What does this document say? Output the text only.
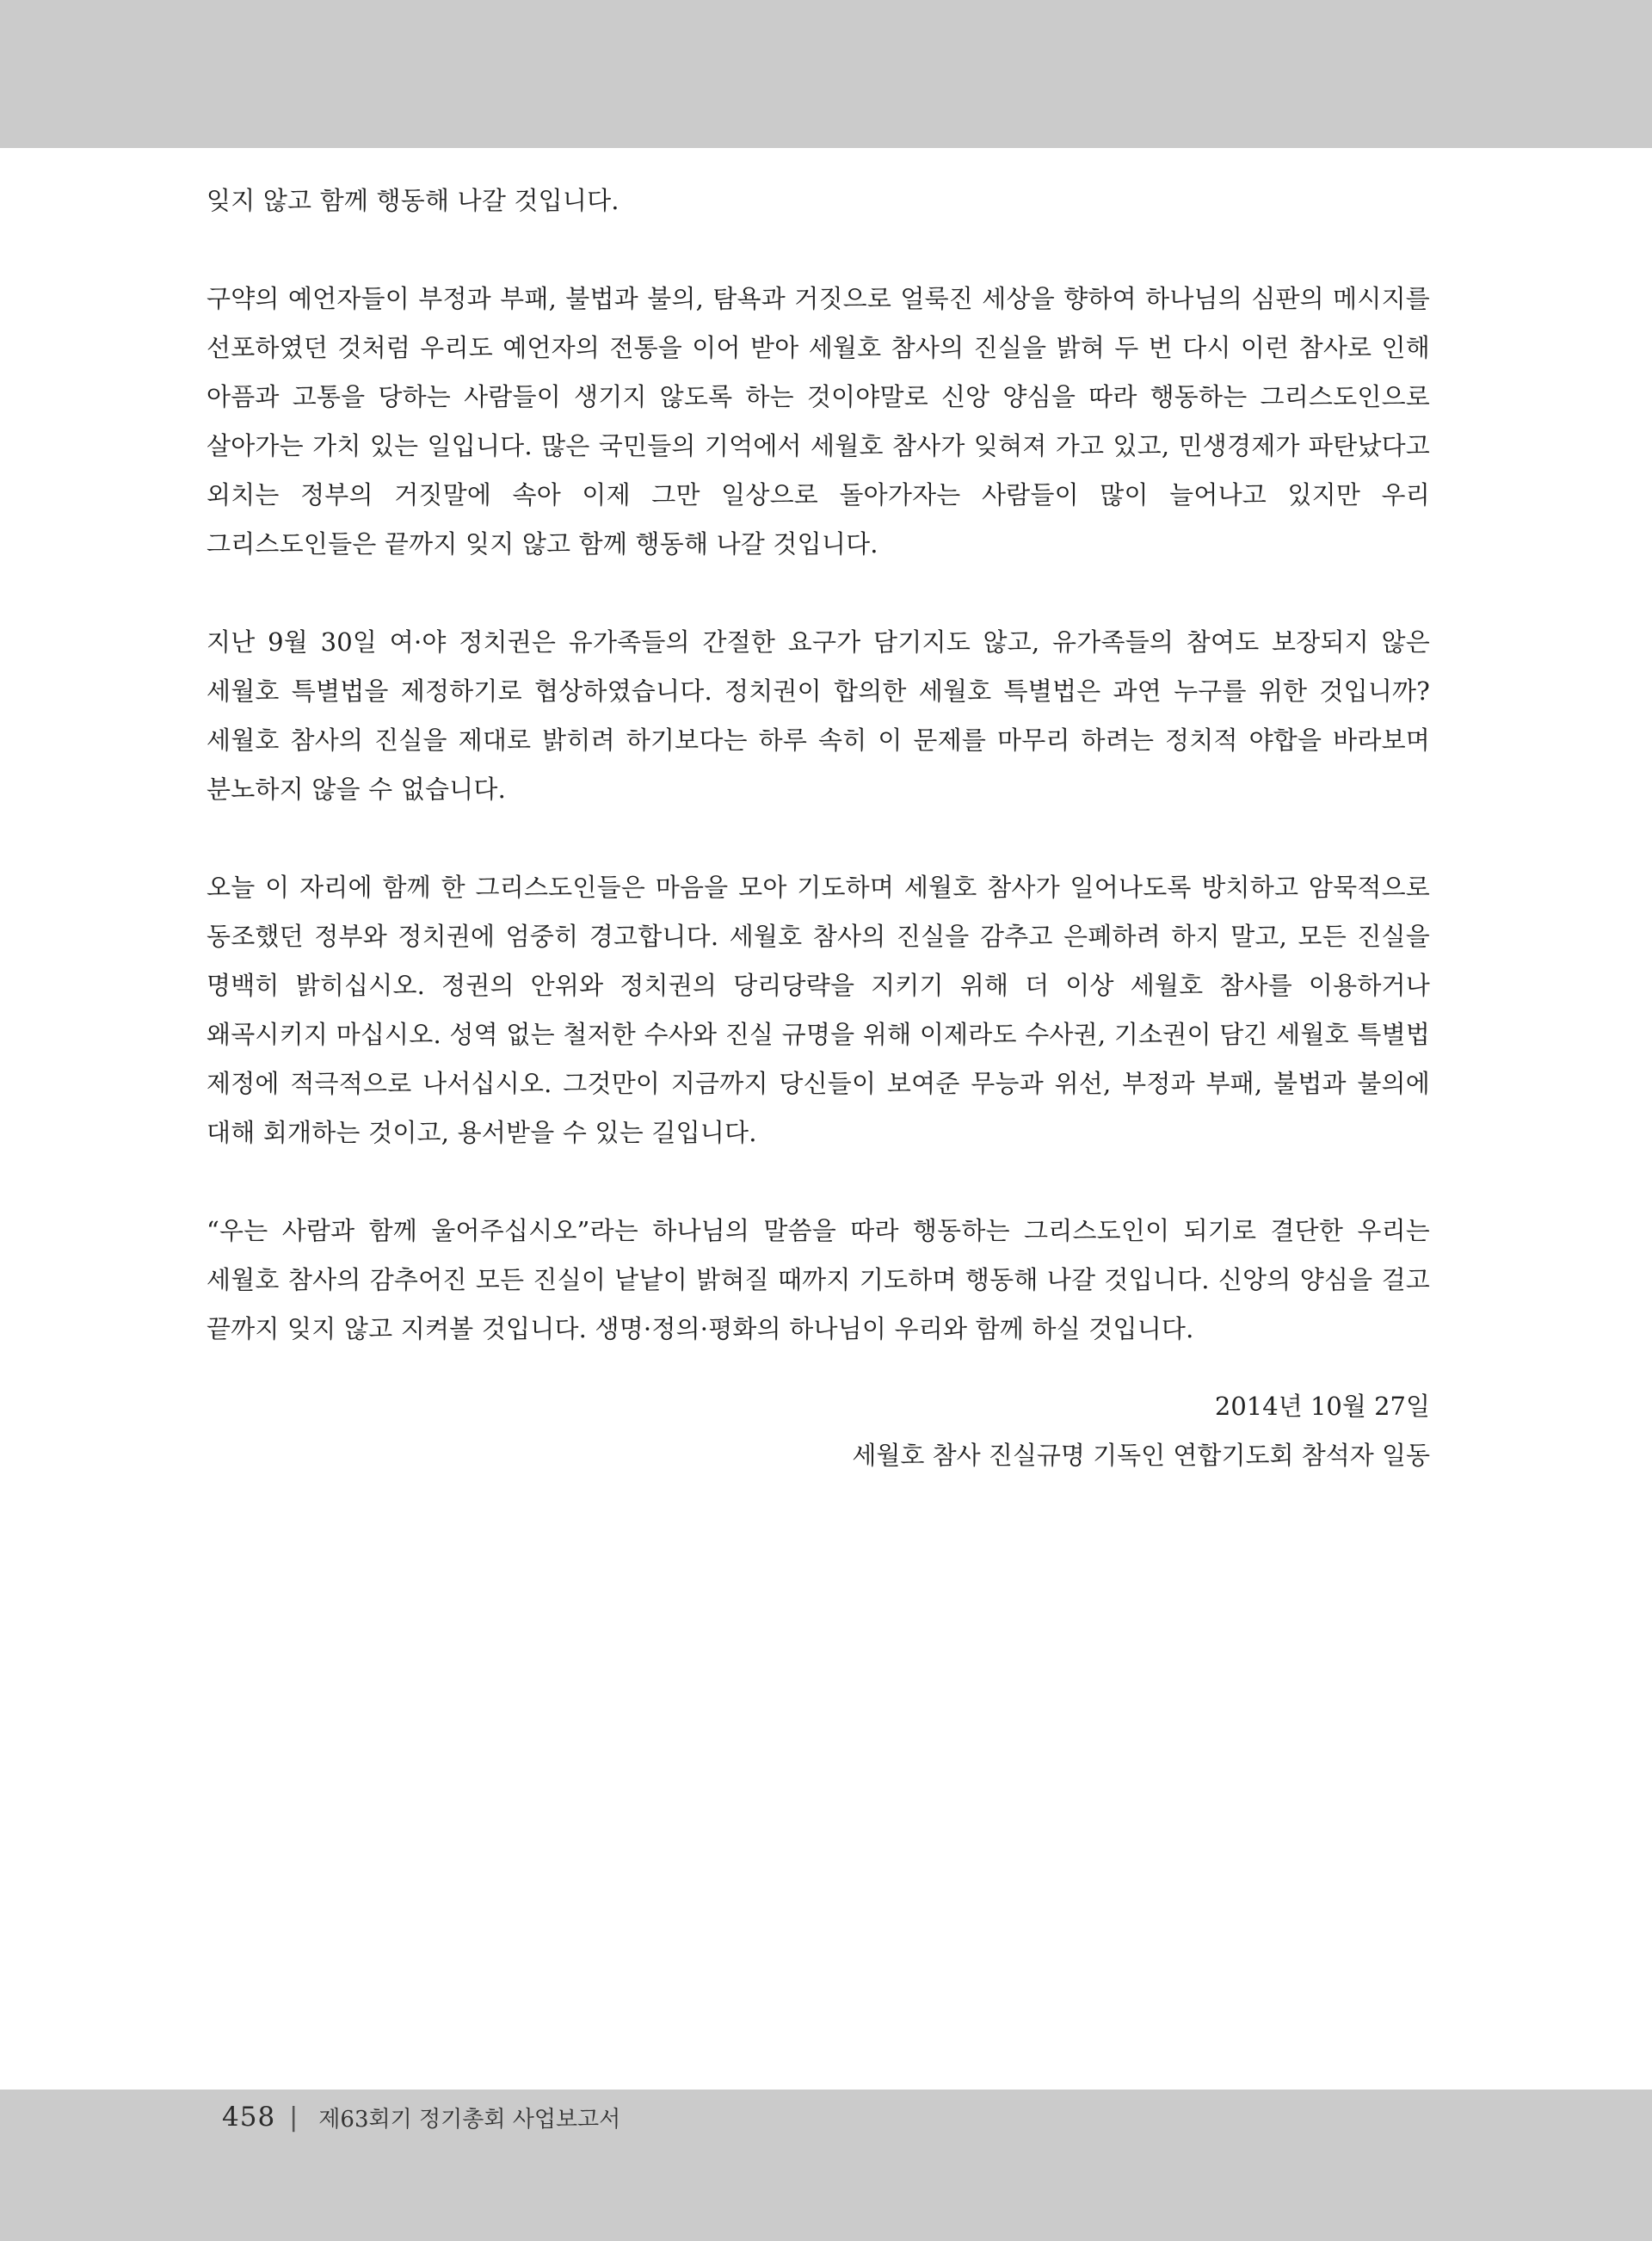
잊지 않고 함께 행동해 나갈 것입니다.

구약의 예언자들이 부정과 부패, 불법과 불의, 탐욕과 거짓으로 얼룩진 세상을 향하여 하나님의 심판의 메시지를 선포하였던 것처럼 우리도 예언자의 전통을 이어 받아 세월호 참사의 진실을 밝혀 두 번 다시 이런 참사로 인해 아픔과 고통을 당하는 사람들이 생기지 않도록 하는 것이야말로 신앙 양심을 따라 행동하는 그리스도인으로 살아가는 가치 있는 일입니다. 많은 국민들의 기억에서 세월호 참사가 잊혀져 가고 있고, 민생경제가 파탄났다고 외치는 정부의 거짓말에 속아 이제 그만 일상으로 돌아가자는 사람들이 많이 늘어나고 있지만 우리 그리스도인들은 끝까지 잊지 않고 함께 행동해 나갈 것입니다.

지난 9월 30일 여·야 정치권은 유가족들의 간절한 요구가 담기지도 않고, 유가족들의 참여도 보장되지 않은 세월호 특별법을 제정하기로 협상하였습니다. 정치권이 합의한 세월호 특별법은 과연 누구를 위한 것입니까? 세월호 참사의 진실을 제대로 밝히려 하기보다는 하루 속히 이 문제를 마무리 하려는 정치적 야합을 바라보며 분노하지 않을 수 없습니다.

오늘 이 자리에 함께 한 그리스도인들은 마음을 모아 기도하며 세월호 참사가 일어나도록 방치하고 암묵적으로 동조했던 정부와 정치권에 엄중히 경고합니다. 세월호 참사의 진실을 감추고 은폐하려 하지 말고, 모든 진실을 명백히 밝히십시오. 정권의 안위와 정치권의 당리당략을 지키기 위해 더 이상 세월호 참사를 이용하거나 왜곡시키지 마십시오. 성역 없는 철저한 수사와 진실 규명을 위해 이제라도 수사권, 기소권이 담긴 세월호 특별법 제정에 적극적으로 나서십시오. 그것만이 지금까지 당신들이 보여준 무능과 위선, 부정과 부패, 불법과 불의에 대해 회개하는 것이고, 용서받을 수 있는 길입니다.

“우는 사람과 함께 울어주십시오”라는 하나님의 말씀을 따라 행동하는 그리스도인이 되기로 결단한 우리는 세월호 참사의 감추어진 모든 진실이 낱낱이 밝혀질 때까지 기도하며 행동해 나갈 것입니다. 신앙의 양심을 걸고 끝까지 잊지 않고 지켜볼 것입니다. 생명·정의·평화의 하나님이 우리와 함께 하실 것입니다.

2014년 10월 27일
세월호 참사 진실규명 기독인 연합기도회 참석자 일동
458 | 제63회기 정기총회 사업보고서
